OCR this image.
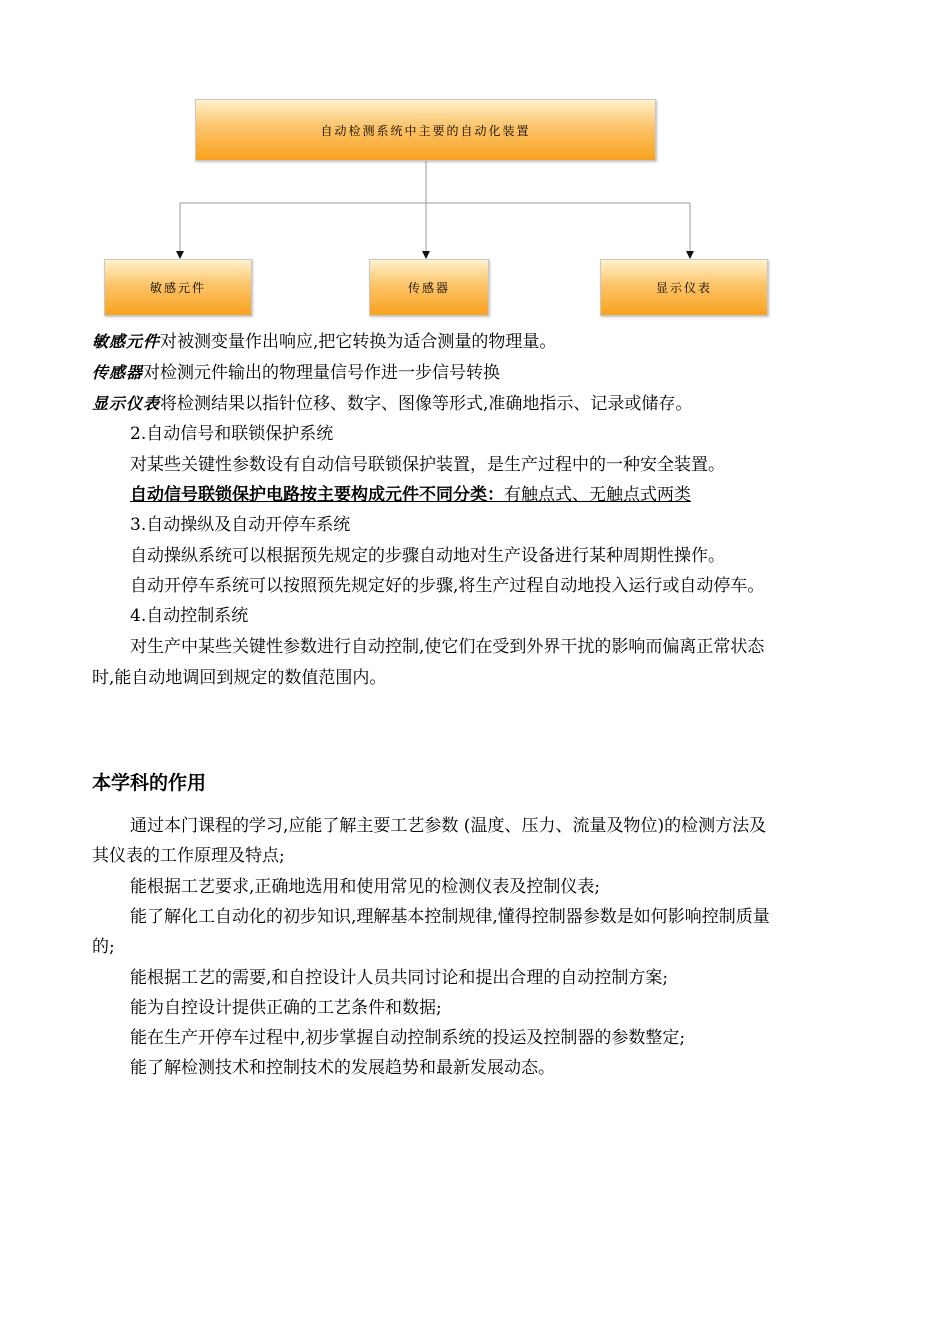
自动检测系统中主要的自动化装置
敏感元件	传感器	显示仪表
敏感元件对被测变量作出响应,把它转换为适合测量的物理量。
传感器对检测元件输出的物理量信号作进一步信号转换
显示仪表将检测结果以指针位移、数字、图像等形式,准确地指示、记录或储存。
2.自动信号和联锁保护系统
对某些关键性参数设有自动信号联锁保护装置，是生产过程中的一种安全装置。
自动信号联锁保护电路按主要构成元件不同分类：有触点式、无触点式两类
3.自动操纵及自动开停车系统
自动操纵系统可以根据预先规定的步骤自动地对生产设备进行某种周期性操作。
自动开停车系统可以按照预先规定好的步骤,将生产过程自动地投入运行或自动停车。
4.自动控制系统
对生产中某些关键性参数进行自动控制,使它们在受到外界干扰的影响而偏离正常状态
时,能自动地调回到规定的数值范围内。
本学科的作用
通过本门课程的学习,应能了解主要工艺参数 (温度、压力、流量及物位)的检测方法及
其仪表的工作原理及特点;
能根据工艺要求,正确地选用和使用常见的检测仪表及控制仪表;
能了解化工自动化的初步知识,理解基本控制规律,懂得控制器参数是如何影响控制质量
的;
能根据工艺的需要,和自控设计人员共同讨论和提出合理的自动控制方案;
能为自控设计提供正确的工艺条件和数据;
能在生产开停车过程中,初步掌握自动控制系统的投运及控制器的参数整定;
能了解检测技术和控制技术的发展趋势和最新发展动态。
